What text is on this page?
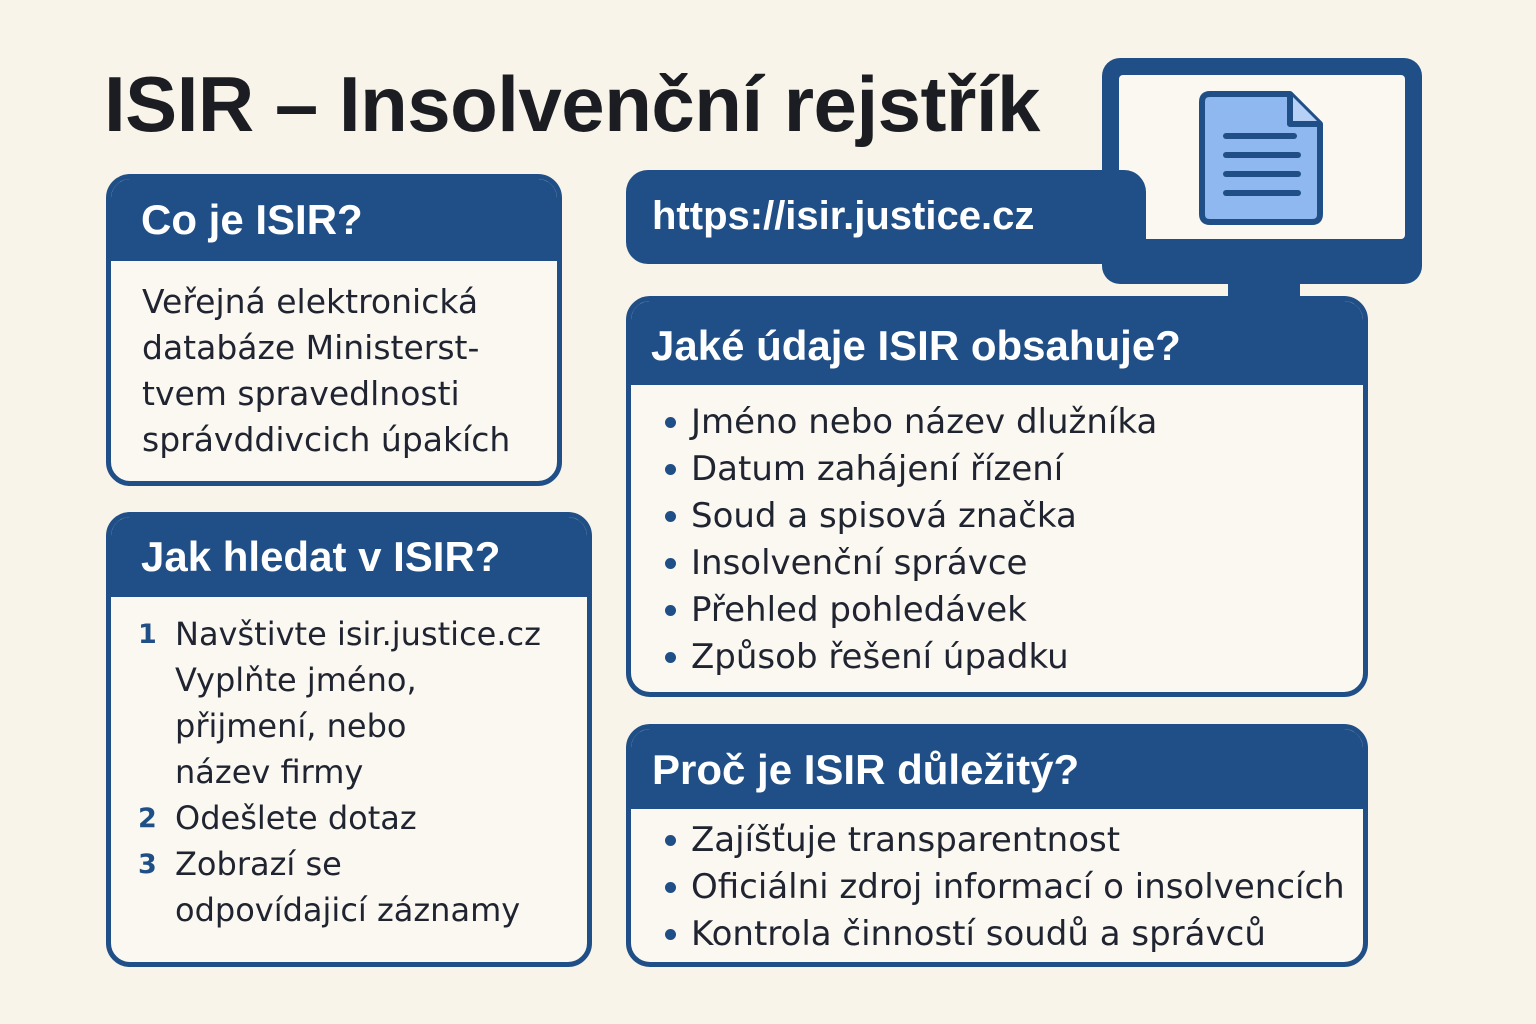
ISIR – Insolvenční rejstřík
https://isir.justice.cz
Co je ISIR?
Veřejná elektronická
databáze Ministerst-
tvem spravedlnosti
správddivcich úpakích
Jak hledat v ISIR?
1 Navštivte isir.justice.cz
Vyplňte jméno,
přijmení, nebo
název firmy
2 Odešlete dotaz
3 Zobrazí se
odpovídajicí záznamy
Jaké údaje ISIR obsahuje?
Jméno nebo název dlužníka
Datum zahájení řízení
Soud a spisová značka
Insolvenční správce
Přehled pohledávek
Způsob řešení úpadku
Proč je ISIR důležitý?
Zajíšťuje transparentnost
Oficiálni zdroj informací o insolvencích
Kontrola činností soudů a správců
